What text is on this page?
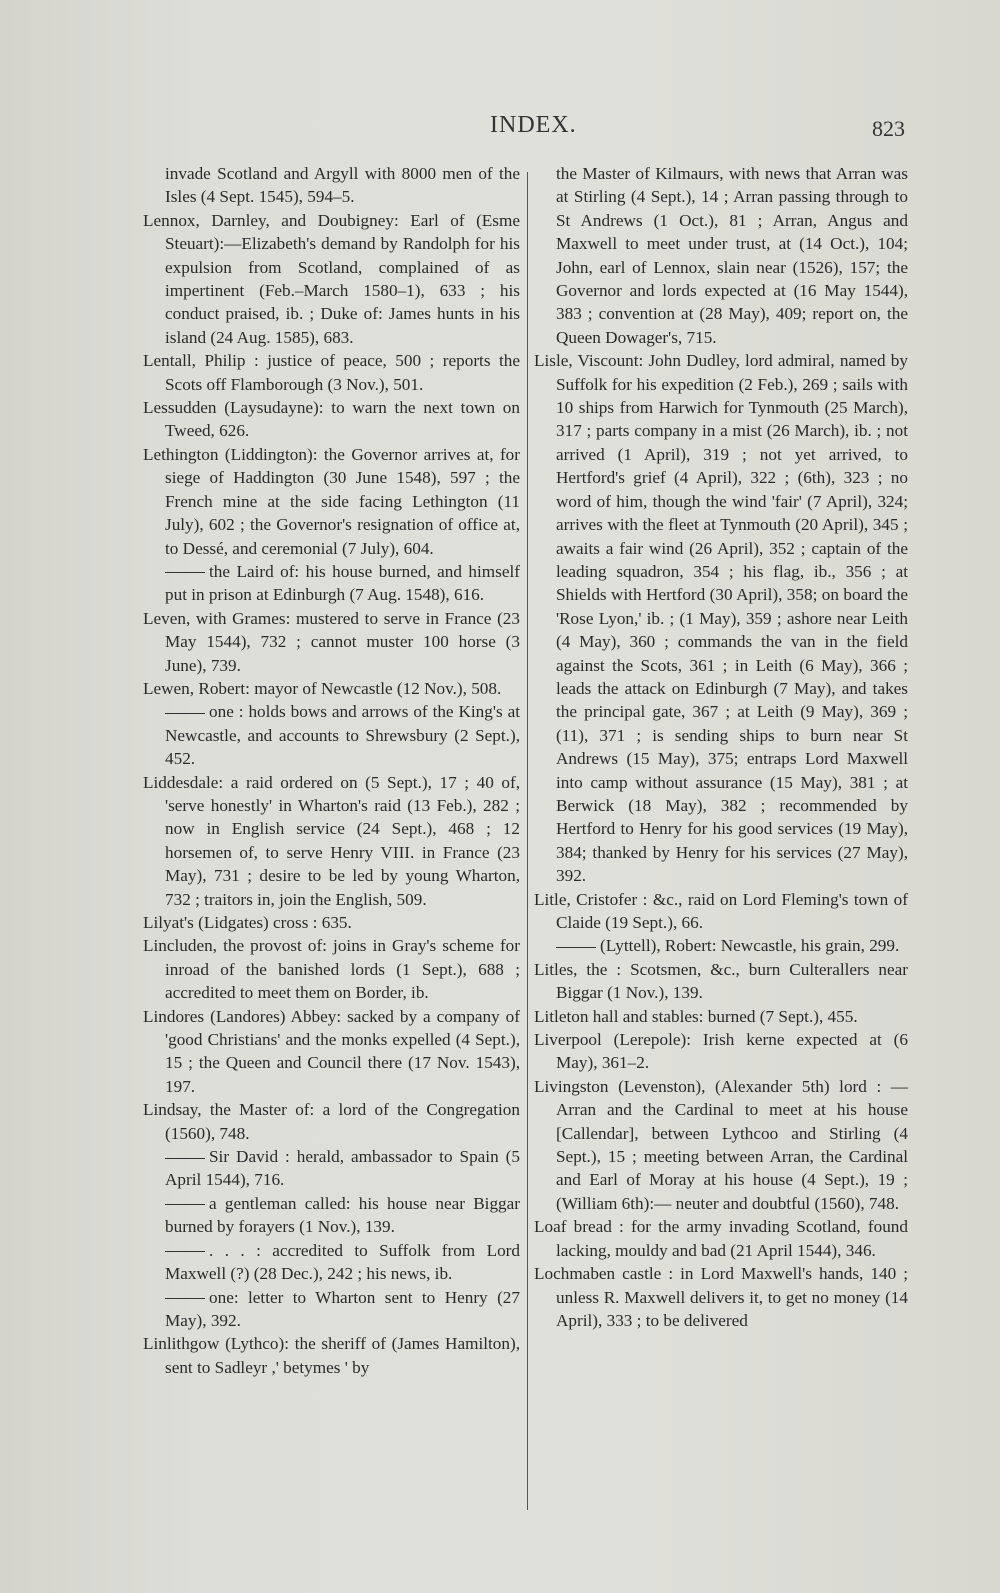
INDEX.	823

invade Scotland and Argyll with 8000 men of the Isles (4 Sept. 1545), 594–5.

Lennox, Darnley, and Doubigney: Earl of (Esme Steuart):—Elizabeth's demand by Randolph for his expulsion from Scotland, complained of as impertinent (Feb.–March 1580–1), 633 ; his conduct praised, ib. ; Duke of: James hunts in his island (24 Aug. 1585), 683.

Lentall, Philip : justice of peace, 500 ; reports the Scots off Flamborough (3 Nov.), 501.

Lessudden (Laysudayne): to warn the next town on Tweed, 626.

Lethington (Liddington): the Governor arrives at, for siege of Haddington (30 June 1548), 597 ; the French mine at the side facing Lethington (11 July), 602 ; the Governor's resignation of office at, to Dessé, and ceremonial (7 July), 604.

the Laird of: his house burned, and himself put in prison at Edinburgh (7 Aug. 1548), 616.

Leven, with Grames: mustered to serve in France (23 May 1544), 732 ; cannot muster 100 horse (3 June), 739.

Lewen, Robert: mayor of Newcastle (12 Nov.), 508.

one : holds bows and arrows of the King's at Newcastle, and accounts to Shrewsbury (2 Sept.), 452.

Liddesdale: a raid ordered on (5 Sept.), 17 ; 40 of, 'serve honestly' in Wharton's raid (13 Feb.), 282 ; now in English service (24 Sept.), 468 ; 12 horsemen of, to serve Henry VIII. in France (23 May), 731 ; desire to be led by young Wharton, 732 ; traitors in, join the English, 509.

Lilyat's (Lidgates) cross : 635.

Lincluden, the provost of: joins in Gray's scheme for inroad of the banished lords (1 Sept.), 688 ; accredited to meet them on Border, ib.

Lindores (Landores) Abbey: sacked by a company of 'good Christians' and the monks expelled (4 Sept.), 15 ; the Queen and Council there (17 Nov. 1543), 197.

Lindsay, the Master of: a lord of the Congregation (1560), 748.

Sir David : herald, ambassador to Spain (5 April 1544), 716.

a gentleman called: his house near Biggar burned by forayers (1 Nov.), 139.

. . . : accredited to Suffolk from Lord Maxwell (?) (28 Dec.), 242 ; his news, ib.

one: letter to Wharton sent to Henry (27 May), 392.

Linlithgow (Lythco): the sheriff of (James Hamilton), sent to Sadleyr ,' betymes ' by

the Master of Kilmaurs, with news that Arran was at Stirling (4 Sept.), 14 ; Arran passing through to St Andrews (1 Oct.), 81 ; Arran, Angus and Maxwell to meet under trust, at (14 Oct.), 104; John, earl of Lennox, slain near (1526), 157; the Governor and lords expected at (16 May 1544), 383 ; convention at (28 May), 409; report on, the Queen Dowager's, 715.

Lisle, Viscount: John Dudley, lord admiral, named by Suffolk for his expedition (2 Feb.), 269 ; sails with 10 ships from Harwich for Tynmouth (25 March), 317 ; parts company in a mist (26 March), ib. ; not arrived (1 April), 319 ; not yet arrived, to Hertford's grief (4 April), 322 ; (6th), 323 ; no word of him, though the wind 'fair' (7 April), 324; arrives with the fleet at Tynmouth (20 April), 345 ; awaits a fair wind (26 April), 352 ; captain of the leading squadron, 354 ; his flag, ib., 356 ; at Shields with Hertford (30 April), 358; on board the 'Rose Lyon,' ib. ; (1 May), 359 ; ashore near Leith (4 May), 360 ; commands the van in the field against the Scots, 361 ; in Leith (6 May), 366 ; leads the attack on Edinburgh (7 May), and takes the principal gate, 367 ; at Leith (9 May), 369 ; (11), 371 ; is sending ships to burn near St Andrews (15 May), 375; entraps Lord Maxwell into camp without assurance (15 May), 381 ; at Berwick (18 May), 382 ; recommended by Hertford to Henry for his good services (19 May), 384; thanked by Henry for his services (27 May), 392.

Litle, Cristofer : &c., raid on Lord Fleming's town of Claide (19 Sept.), 66.

(Lyttell), Robert: Newcastle, his grain, 299.

Litles, the : Scotsmen, &c., burn Culterallers near Biggar (1 Nov.), 139.

Litleton hall and stables: burned (7 Sept.), 455.

Liverpool (Lerepole): Irish kerne expected at (6 May), 361–2.

Livingston (Levenston), (Alexander 5th) lord : —Arran and the Cardinal to meet at his house [Callendar], between Lythcoo and Stirling (4 Sept.), 15 ; meeting between Arran, the Cardinal and Earl of Moray at his house (4 Sept.), 19 ; (William 6th):— neuter and doubtful (1560), 748.

Loaf bread : for the army invading Scotland, found lacking, mouldy and bad (21 April 1544), 346.

Lochmaben castle : in Lord Maxwell's hands, 140 ; unless R. Maxwell delivers it, to get no money (14 April), 333 ; to be delivered
